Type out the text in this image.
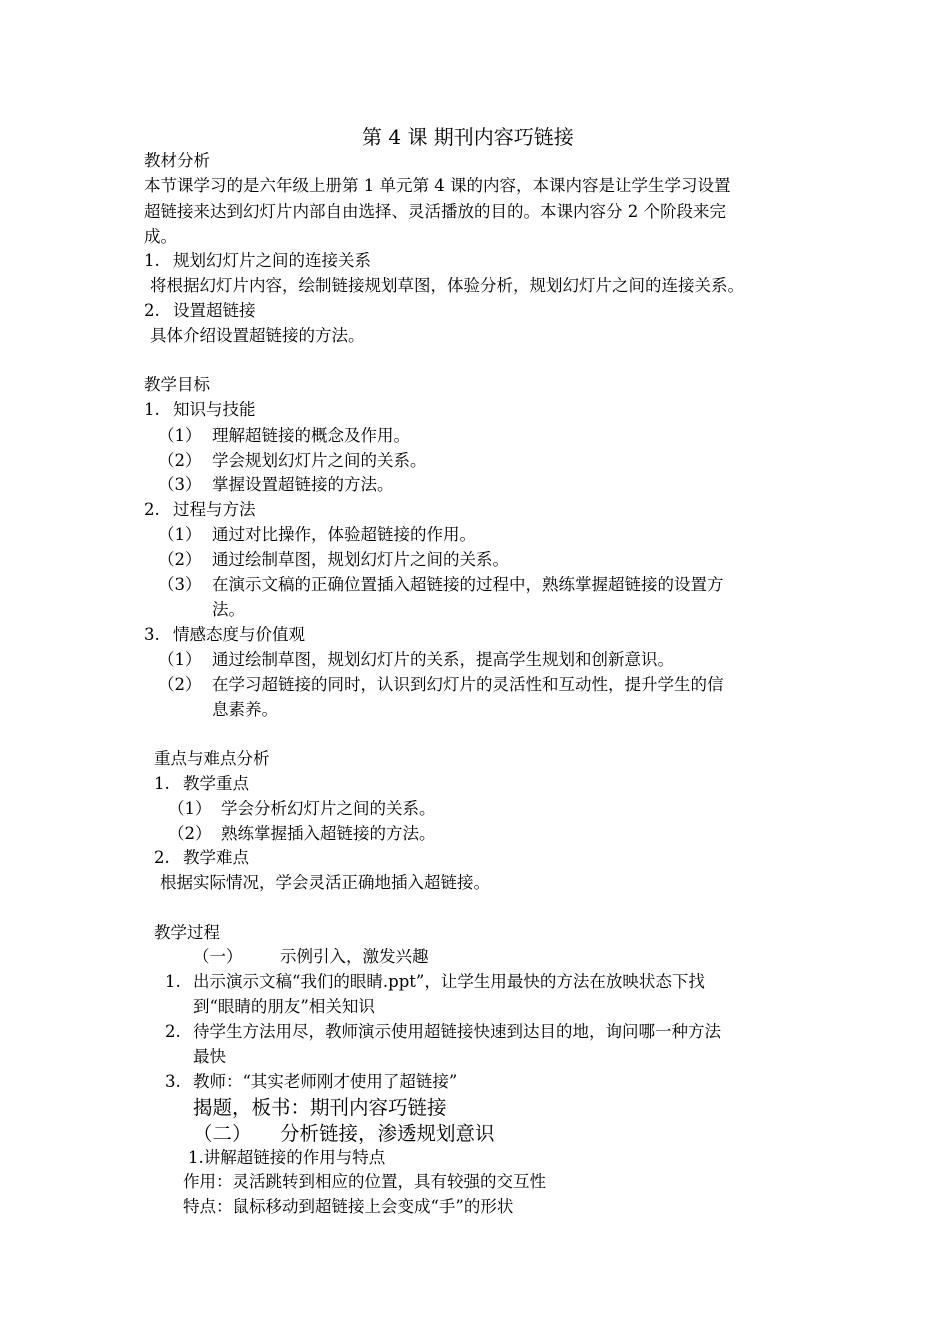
第 4 课 期刊内容巧链接
教材分析
本节课学习的是六年级上册第 1 单元第 4 课的内容，本课内容是让学生学习设置
超链接来达到幻灯片内部自由选择、灵活播放的目的。本课内容分 2 个阶段来完
成。
1. 规划幻灯片之间的连接关系
将根据幻灯片内容，绘制链接规划草图，体验分析，规划幻灯片之间的连接关系。
2. 设置超链接
具体介绍设置超链接的方法。
教学目标
1. 知识与技能
（1） 理解超链接的概念及作用。
（2） 学会规划幻灯片之间的关系。
（3） 掌握设置超链接的方法。
2. 过程与方法
（1） 通过对比操作，体验超链接的作用。
（2） 通过绘制草图，规划幻灯片之间的关系。
（3） 在演示文稿的正确位置插入超链接的过程中，熟练掌握超链接的设置方
法。
3. 情感态度与价值观
（1） 通过绘制草图，规划幻灯片的关系，提高学生规划和创新意识。
（2） 在学习超链接的同时，认识到幻灯片的灵活性和互动性，提升学生的信
息素养。
重点与难点分析
1. 教学重点
（1） 学会分析幻灯片之间的关系。
（2） 熟练掌握插入超链接的方法。
2. 教学难点
根据实际情况，学会灵活正确地插入超链接。
教学过程
（一） 示例引入，激发兴趣
1. 出示演示文稿“我们的眼睛.ppt”，让学生用最快的方法在放映状态下找
到“眼睛的朋友”相关知识
2. 待学生方法用尽，教师演示使用超链接快速到达目的地，询问哪一种方法
最快
3. 教师：“其实老师刚才使用了超链接”
揭题，板书：期刊内容巧链接
（二） 分析链接，渗透规划意识
1.讲解超链接的作用与特点
作用：灵活跳转到相应的位置，具有较强的交互性
特点：鼠标移动到超链接上会变成“手”的形状
